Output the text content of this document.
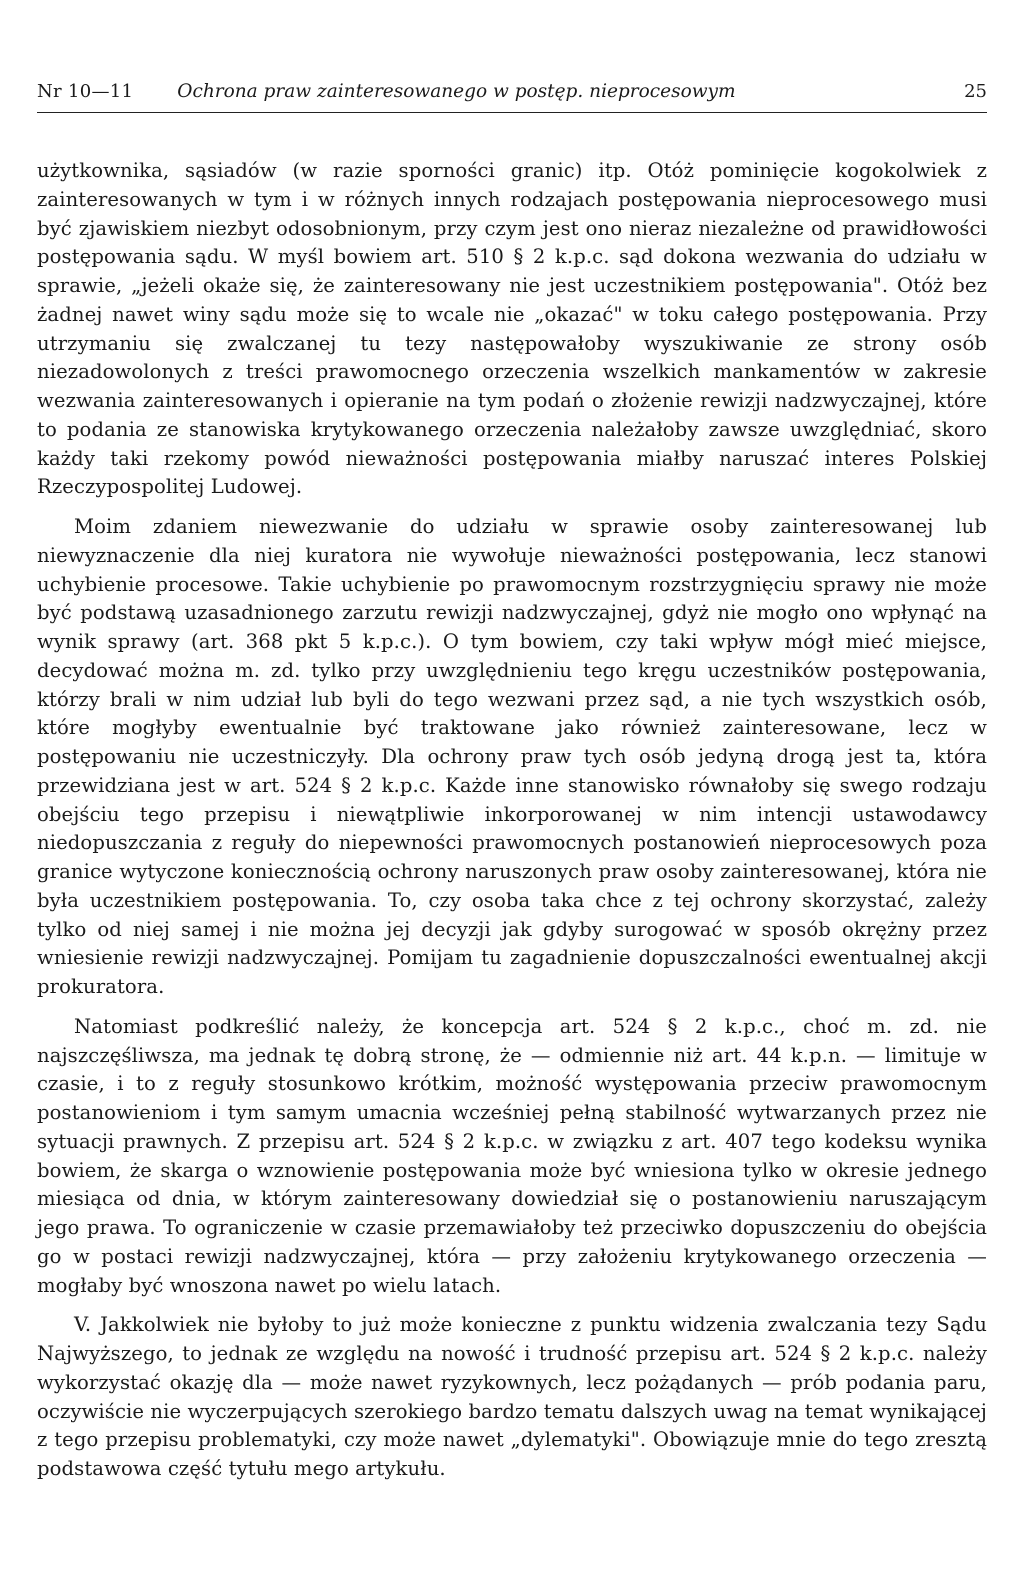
Nr 10—11	Ochrona praw zainteresowanego w postęp. nieprocesowym	25

użytkownika, sąsiadów (w razie sporności granic) itp. Otóż pominięcie kogokolwiek z zainteresowanych w tym i w różnych innych rodzajach postępowania nieprocesowego musi być zjawiskiem niezbyt odosobnionym, przy czym jest ono nieraz niezależne od prawidłowości postępowania sądu. W myśl bowiem art. 510 § 2 k.p.c. sąd dokona wezwania do udziału w sprawie, „jeżeli okaże się, że zainteresowany nie jest uczestnikiem postępowania". Otóż bez żadnej nawet winy sądu może się to wcale nie „okazać" w toku całego postępowania. Przy utrzymaniu się zwalczanej tu tezy następowałoby wyszukiwanie ze strony osób niezadowolonych z treści prawomocnego orzeczenia wszelkich mankamentów w zakresie wezwania zainteresowanych i opieranie na tym podań o złożenie rewizji nadzwyczajnej, które to podania ze stanowiska krytykowanego orzeczenia należałoby zawsze uwzględniać, skoro każdy taki rzekomy powód nieważności postępowania miałby naruszać interes Polskiej Rzeczypospolitej Ludowej.

Moim zdaniem niewezwanie do udziału w sprawie osoby zainteresowanej lub niewyznaczenie dla niej kuratora nie wywołuje nieważności postępowania, lecz stanowi uchybienie procesowe. Takie uchybienie po prawomocnym rozstrzygnięciu sprawy nie może być podstawą uzasadnionego zarzutu rewizji nadzwyczajnej, gdyż nie mogło ono wpłynąć na wynik sprawy (art. 368 pkt 5 k.p.c.). O tym bowiem, czy taki wpływ mógł mieć miejsce, decydować można m. zd. tylko przy uwzględnieniu tego kręgu uczestników postępowania, którzy brali w nim udział lub byli do tego wezwani przez sąd, a nie tych wszystkich osób, które mogłyby ewentualnie być traktowane jako również zainteresowane, lecz w postępowaniu nie uczestniczyły. Dla ochrony praw tych osób jedyną drogą jest ta, która przewidziana jest w art. 524 § 2 k.p.c. Każde inne stanowisko równałoby się swego rodzaju obejściu tego przepisu i niewątpliwie inkorporowanej w nim intencji ustawodawcy niedopuszczania z reguły do niepewności prawomocnych postanowień nieprocesowych poza granice wytyczone koniecznością ochrony naruszonych praw osoby zainteresowanej, która nie była uczestnikiem postępowania. To, czy osoba taka chce z tej ochrony skorzystać, zależy tylko od niej samej i nie można jej decyzji jak gdyby surogować w sposób okrężny przez wniesienie rewizji nadzwyczajnej. Pomijam tu zagadnienie dopuszczalności ewentualnej akcji prokuratora.

Natomiast podkreślić należy, że koncepcja art. 524 § 2 k.p.c., choć m. zd. nie najszczęśliwsza, ma jednak tę dobrą stronę, że — odmiennie niż art. 44 k.p.n. — limituje w czasie, i to z reguły stosunkowo krótkim, możność występowania przeciw prawomocnym postanowieniom i tym samym umacnia wcześniej pełną stabilność wytwarzanych przez nie sytuacji prawnych. Z przepisu art. 524 § 2 k.p.c. w związku z art. 407 tego kodeksu wynika bowiem, że skarga o wznowienie postępowania może być wniesiona tylko w okresie jednego miesiąca od dnia, w którym zainteresowany dowiedział się o postanowieniu naruszającym jego prawa. To ograniczenie w czasie przemawiałoby też przeciwko dopuszczeniu do obejścia go w postaci rewizji nadzwyczajnej, która — przy założeniu krytykowanego orzeczenia — mogłaby być wnoszona nawet po wielu latach.

V. Jakkolwiek nie byłoby to już może konieczne z punktu widzenia zwalczania tezy Sądu Najwyższego, to jednak ze względu na nowość i trudność przepisu art. 524 § 2 k.p.c. należy wykorzystać okazję dla — może nawet ryzykownych, lecz pożądanych — prób podania paru, oczywiście nie wyczerpujących szerokiego bardzo tematu dalszych uwag na temat wynikającej z tego przepisu problematyki, czy może nawet „dylematyki". Obowiązuje mnie do tego zresztą podstawowa część tytułu mego artykułu.
